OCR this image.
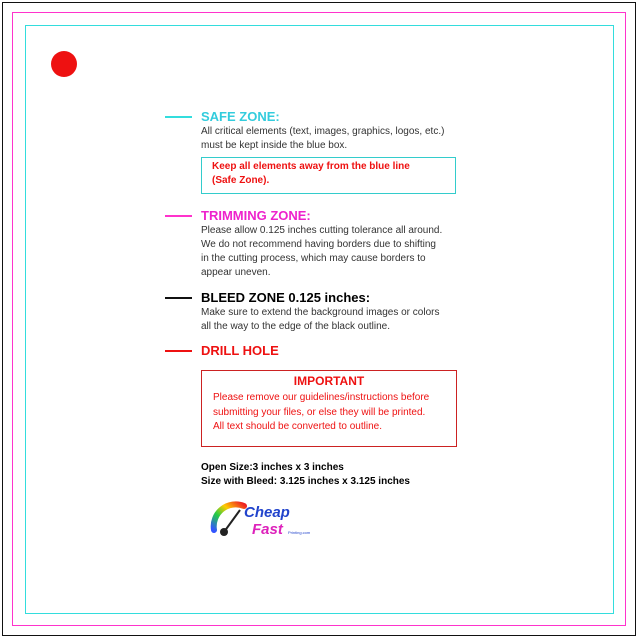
SAFE ZONE:
All critical elements (text, images, graphics, logos, etc.)
must be kept inside the blue box.
Keep all elements away from the blue line
(Safe Zone).
TRIMMING ZONE:
Please allow 0.125 inches cutting tolerance all around.
We do not recommend having borders due to shifting
in the cutting process, which may cause borders to
appear uneven.
BLEED ZONE 0.125 inches:
Make sure to extend the background images or colors
all the way to the edge of the black outline.
DRILL HOLE
IMPORTANT
Please remove our guidelines/instructions before
submitting your files, or else they will be printed.
All text should be converted to outline.
Open Size:3 inches x 3 inches
Size with Bleed: 3.125 inches x 3.125 inches
Cheap
Fast Printing.com
